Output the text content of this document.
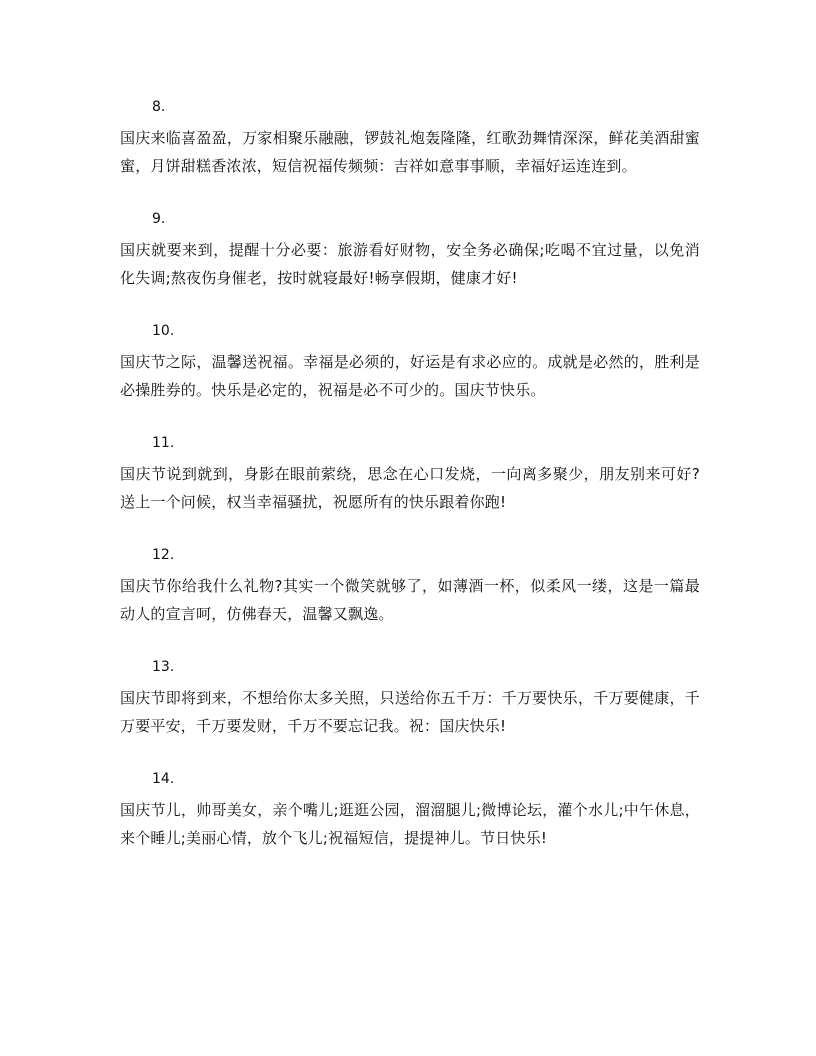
8.
国庆来临喜盈盈，万家相聚乐融融，锣鼓礼炮轰隆隆，红歌劲舞情深深，鲜花美酒甜蜜蜜，月饼甜糕香浓浓，短信祝福传频频：吉祥如意事事顺，幸福好运连连到。
9.
国庆就要来到，提醒十分必要：旅游看好财物，安全务必确保;吃喝不宜过量，以免消化失调;熬夜伤身催老，按时就寝最好!畅享假期，健康才好!
10.
国庆节之际，温馨送祝福。幸福是必须的，好运是有求必应的。成就是必然的，胜利是必操胜券的。快乐是必定的，祝福是必不可少的。国庆节快乐。
11.
国庆节说到就到，身影在眼前萦绕，思念在心口发烧，一向离多聚少，朋友别来可好?送上一个问候，权当幸福骚扰，祝愿所有的快乐跟着你跑!
12.
国庆节你给我什么礼物?其实一个微笑就够了，如薄酒一杯，似柔风一缕，这是一篇最动人的宣言呵，仿佛春天，温馨又飘逸。
13.
国庆节即将到来，不想给你太多关照，只送给你五千万：千万要快乐，千万要健康，千万要平安，千万要发财，千万不要忘记我。祝：国庆快乐!
14.
国庆节儿，帅哥美女，亲个嘴儿;逛逛公园，溜溜腿儿;微博论坛，灌个水儿;中午休息，来个睡儿;美丽心情，放个飞儿;祝福短信，提提神儿。节日快乐!
